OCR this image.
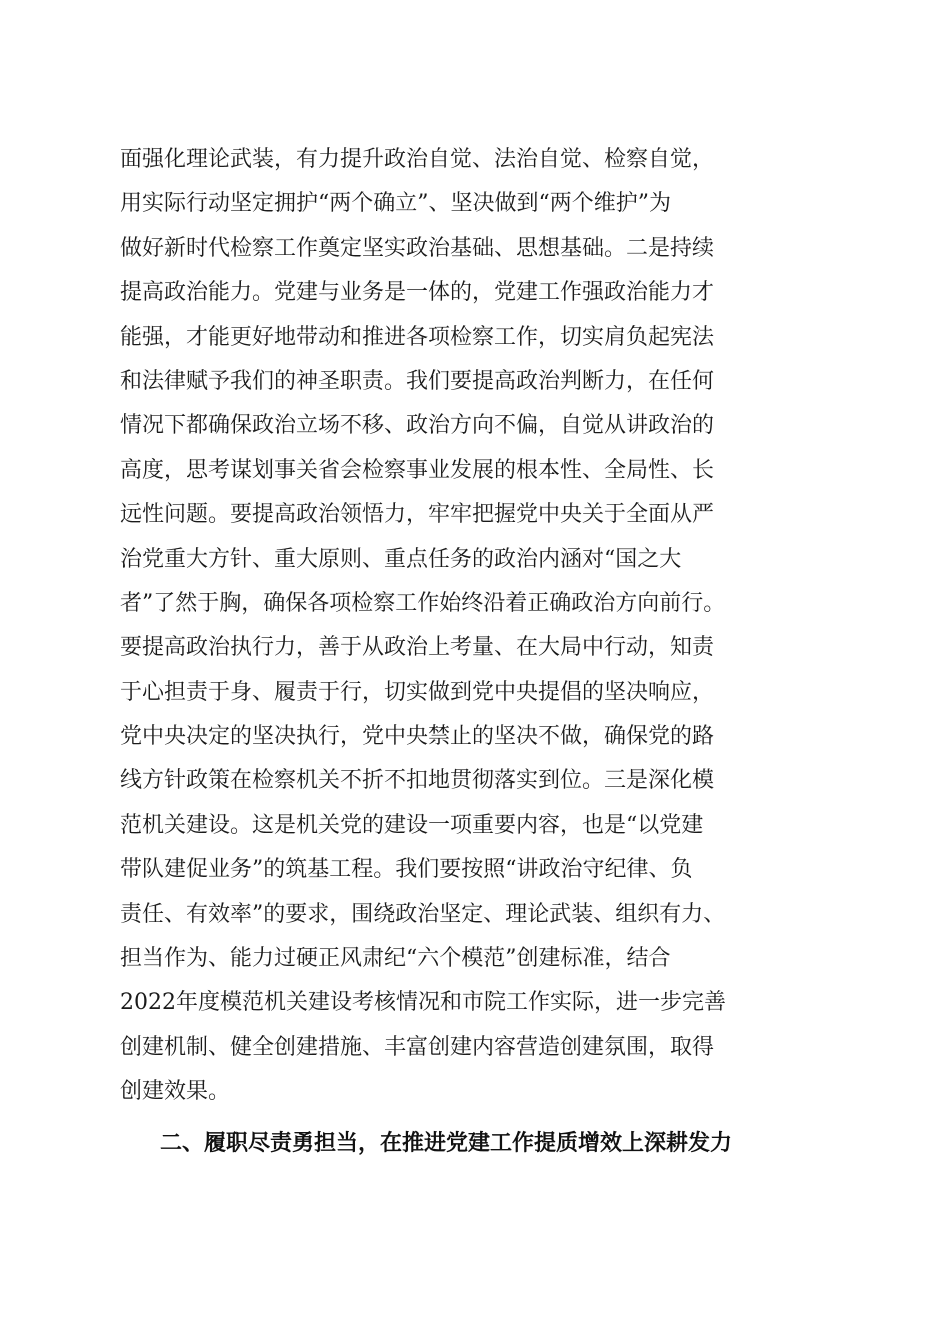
面强化理论武装，有力提升政治自觉、法治自觉、检察自觉，
用实际行动坚定拥护“两个确立”、坚决做到“两个维护”为
做好新时代检察工作奠定坚实政治基础、思想基础。二是持续
提高政治能力。党建与业务是一体的，党建工作强政治能力才
能强，才能更好地带动和推进各项检察工作，切实肩负起宪法
和法律赋予我们的神圣职责。我们要提高政治判断力，在任何
情况下都确保政治立场不移、政治方向不偏，自觉从讲政治的
高度，思考谋划事关省会检察事业发展的根本性、全局性、长
远性问题。要提高政治领悟力，牢牢把握党中央关于全面从严
治党重大方针、重大原则、重点任务的政治内涵对“国之大
者”了然于胸，确保各项检察工作始终沿着正确政治方向前行。
要提高政治执行力，善于从政治上考量、在大局中行动，知责
于心担责于身、履责于行，切实做到党中央提倡的坚决响应，
党中央决定的坚决执行，党中央禁止的坚决不做，确保党的路
线方针政策在检察机关不折不扣地贯彻落实到位。三是深化模
范机关建设。这是机关党的建设一项重要内容，也是“以党建
带队建促业务”的筑基工程。我们要按照“讲政治守纪律、负
责任、有效率”的要求，围绕政治坚定、理论武装、组织有力、
担当作为、能力过硬正风肃纪“六个模范”创建标准，结合
2022年度模范机关建设考核情况和市院工作实际，进一步完善
创建机制、健全创建措施、丰富创建内容营造创建氛围，取得
创建效果。
二、履职尽责勇担当，在推进党建工作提质增效上深耕发力
